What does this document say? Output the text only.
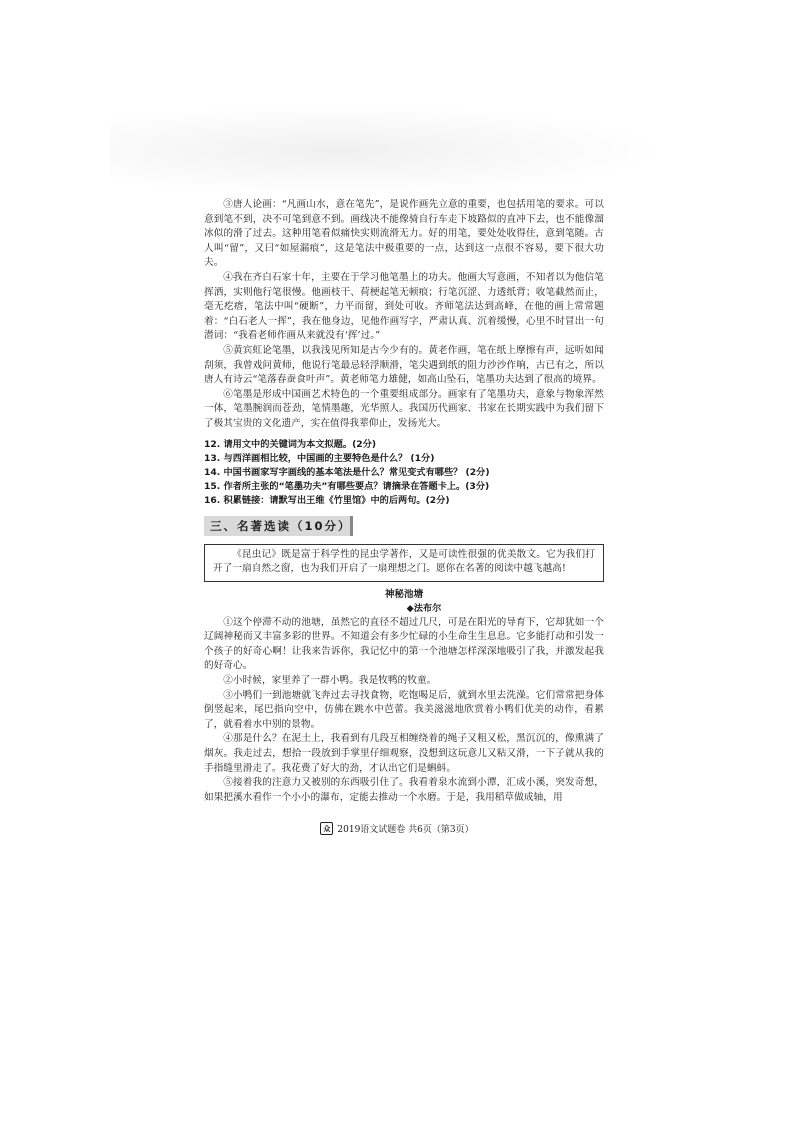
③唐人论画：“凡画山水，意在笔先”，是说作画先立意的重要，也包括用笔的要求。可以意到笔不到，决不可笔到意不到。画线决不能像骑自行车走下坡路似的直冲下去，也不能像溜冰似的滑了过去。这种用笔看似痛快实则流滑无力。好的用笔，要处处收得住，意到笔随。古人叫“留”，又曰“如屋漏痕”，这是笔法中极重要的一点，达到这一点很不容易，要下很大功夫。

④我在齐白石家十年，主要在于学习他笔墨上的功夫。他画大写意画，不知者以为他信笔挥洒，实则他行笔很慢。他画枝干、荷梗起笔无顿痕；行笔沉涩、力透纸背；收笔截然而止，毫无疙瘩，笔法中叫“硬断”，力平而留，到处可收。齐师笔法达到高峰，在他的画上常常题着：“白石老人一挥”，我在他身边，见他作画写字，严肃认真、沉着缓慢，心里不时冒出一句潜词：“我看老师作画从来就没有‘挥’过。”

⑤黄宾虹论笔墨，以我浅见所知是古今少有的。黄老作画，笔在纸上摩擦有声，远听如闻刮须，我曾戏问黄师，他说行笔最忌轻浮顺滑，笔尖遇到纸的阻力沙沙作响，古已有之，所以唐人有诗云“笔落春蚕食叶声”。黄老师笔力雄健，如高山坠石，笔墨功夫达到了很高的境界。

⑥笔墨是形成中国画艺术特色的一个重要组成部分。画家有了笔墨功夫，意象与物象浑然一体，笔墨腕润而苍劲，笔情墨趣，光华照人。我国历代画家、书家在长期实践中为我们留下了极其宝贵的文化遗产，实在值得我辈仰止，发扬光大。

12. 请用文中的关键词为本文拟题。(2分)

13. 与西洋画相比较，中国画的主要特色是什么？ (1分)

14. 中国书画家写字画线的基本笔法是什么？常见变式有哪些？ (2分)

15. 作者所主张的“笔墨功夫”有哪些要点？请摘录在答题卡上。(3分)

16. 积累链接：请默写出王维《竹里馆》中的后两句。(2分)

三、名著选读（10分）

《昆虫记》既是富于科学性的昆虫学著作，又是可读性很强的优美散文。它为我们打开了一扇自然之窗，也为我们开启了一扇理想之门。愿你在名著的阅读中越飞越高!

神秘池塘
◆法布尔

①这个停滞不动的池塘，虽然它的直径不超过几尺，可是在阳光的导育下，它却犹如一个辽阔神秘而又丰富多彩的世界。不知道会有多少忙碌的小生命生生息息。它多能打动和引发一个孩子的好奇心啊！让我来告诉你，我记忆中的第一个池塘怎样深深地吸引了我，并激发起我的好奇心。

②小时候，家里养了一群小鸭。我是牧鸭的牧童。

③小鸭们一到池塘就飞奔过去寻找食物，吃饱喝足后，就到水里去洗澡。它们常常把身体倒竖起来，尾巴指向空中，仿佛在跳水中芭蕾。我美滋滋地欣赏着小鸭们优美的动作，看累了，就看着水中别的景物。

④那是什么？在泥土上，我看到有几段互相缠绕着的绳子又粗又松，黑沉沉的，像熏满了烟灰。我走过去，想拾一段放到手掌里仔细观察，没想到这玩意儿又粘又滑，一下子就从我的手指缝里滑走了。我花费了好大的劲，才认出它们是蝌蚪。

⑤接着我的注意力又被别的东西吸引住了。我看着泉水流到小潭，汇成小溪，突发奇想，如果把溪水看作一个小小的瀑布，定能去推动一个水磨。于是，我用稻草做成轴，用

众 2019语文试题卷 共6页（第3页）
